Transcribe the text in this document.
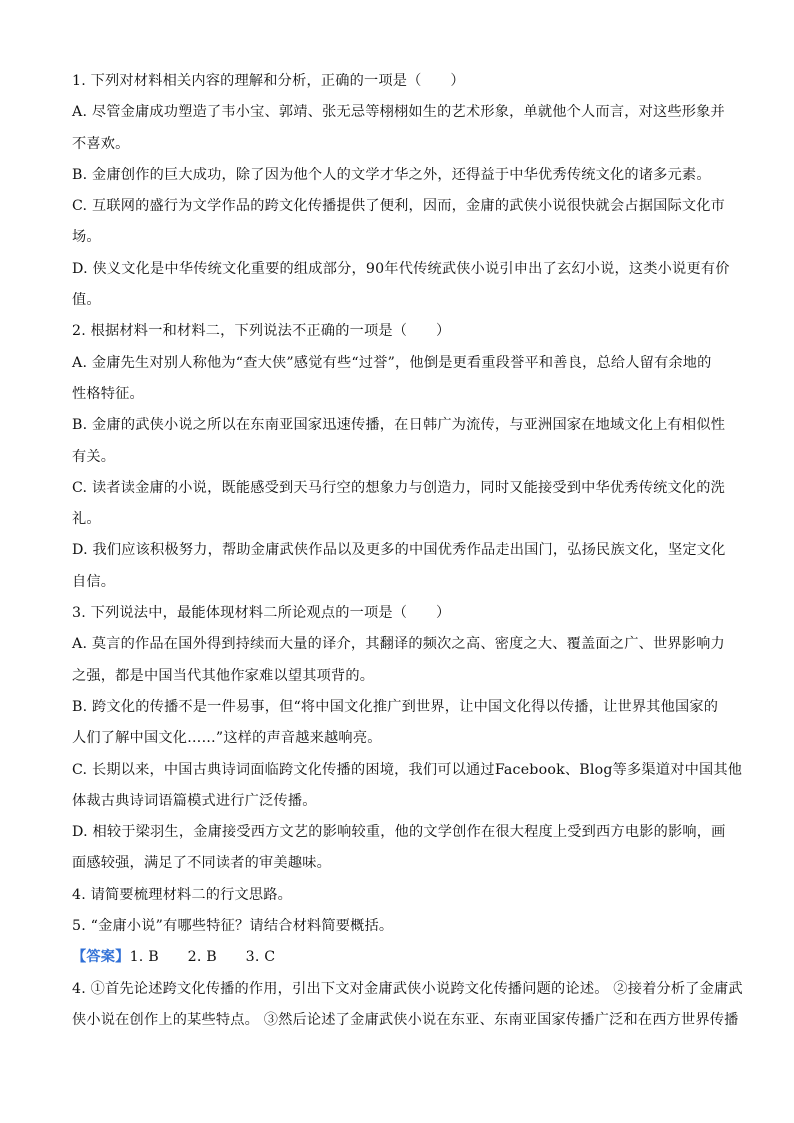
1. 下列对材料相关内容的理解和分析，正确的一项是（　　）
A. 尽管金庸成功塑造了韦小宝、郭靖、张无忌等栩栩如生的艺术形象，单就他个人而言，对这些形象并
不喜欢。
B. 金庸创作的巨大成功，除了因为他个人的文学才华之外，还得益于中华优秀传统文化的诸多元素。
C. 互联网的盛行为文学作品的跨文化传播提供了便利，因而，金庸的武侠小说很快就会占据国际文化市
场。
D. 侠义文化是中华传统文化重要的组成部分，90年代传统武侠小说引申出了玄幻小说，这类小说更有价
值。
2. 根据材料一和材料二，下列说法不正确的一项是（　　）
A. 金庸先生对别人称他为“查大侠”感觉有些“过誉”，他倒是更看重段誉平和善良，总给人留有余地的
性格特征。
B. 金庸的武侠小说之所以在东南亚国家迅速传播，在日韩广为流传，与亚洲国家在地域文化上有相似性
有关。
C. 读者读金庸的小说，既能感受到天马行空的想象力与创造力，同时又能接受到中华优秀传统文化的洗
礼。
D. 我们应该积极努力，帮助金庸武侠作品以及更多的中国优秀作品走出国门，弘扬民族文化，坚定文化
自信。
3. 下列说法中，最能体现材料二所论观点的一项是（　　）
A. 莫言的作品在国外得到持续而大量的译介，其翻译的频次之高、密度之大、覆盖面之广、世界影响力
之强，都是中国当代其他作家难以望其项背的。
B. 跨文化的传播不是一件易事，但“将中国文化推广到世界，让中国文化得以传播，让世界其他国家的
人们了解中国文化……”这样的声音越来越响亮。
C. 长期以来，中国古典诗词面临跨文化传播的困境，我们可以通过Facebook、Blog等多渠道对中国其他
体裁古典诗词语篇模式进行广泛传播。
D. 相较于梁羽生，金庸接受西方文艺的影响较重，他的文学创作在很大程度上受到西方电影的影响，画
面感较强，满足了不同读者的审美趣味。
4. 请简要梳理材料二的行文思路。
5. “金庸小说”有哪些特征？请结合材料简要概括。
【答案】1. B　　2. B　　3. C
4. ①首先论述跨文化传播的作用，引出下文对金庸武侠小说跨文化传播问题的论述。 ②接着分析了金庸武
侠小说在创作上的某些特点。 ③然后论述了金庸武侠小说在东亚、东南亚国家传播广泛和在西方世界传播
